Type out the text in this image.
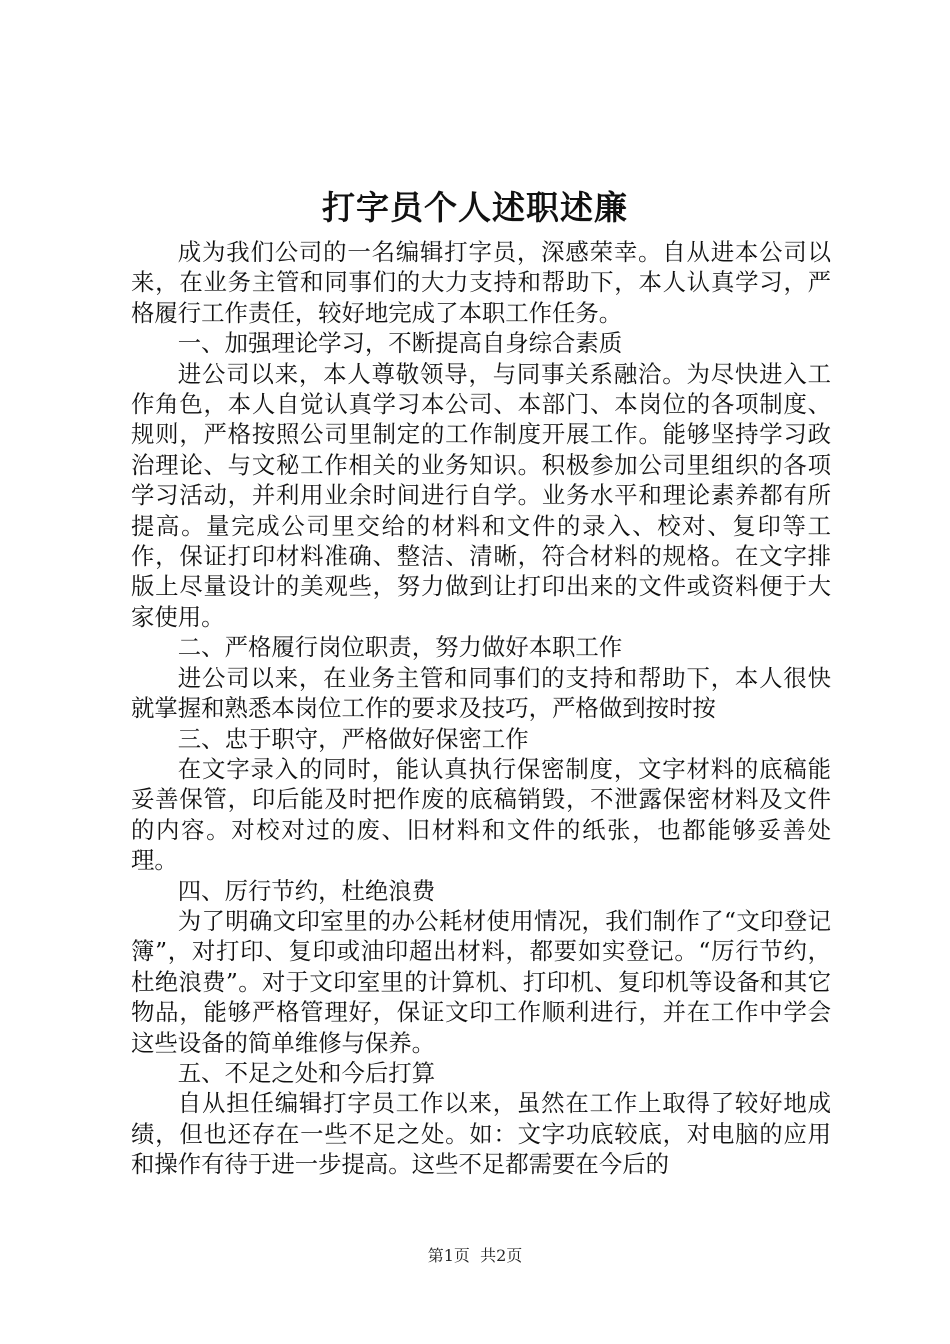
打字员个人述职述廉

成为我们公司的一名编辑打字员，深感荣幸。自从进本公司以来，在业务主管和同事们的大力支持和帮助下，本人认真学习，严格履行工作责任，较好地完成了本职工作任务。

一、加强理论学习，不断提高自身综合素质

进公司以来，本人尊敬领导，与同事关系融洽。为尽快进入工作角色，本人自觉认真学习本公司、本部门、本岗位的各项制度、规则，严格按照公司里制定的工作制度开展工作。能够坚持学习政治理论、与文秘工作相关的业务知识。积极参加公司里组织的各项学习活动，并利用业余时间进行自学。业务水平和理论素养都有所提高。量完成公司里交给的材料和文件的录入、校对、复印等工作，保证打印材料准确、整洁、清晰，符合材料的规格。在文字排版上尽量设计的美观些，努力做到让打印出来的文件或资料便于大家使用。

二、严格履行岗位职责，努力做好本职工作

进公司以来，在业务主管和同事们的支持和帮助下，本人很快就掌握和熟悉本岗位工作的要求及技巧，严格做到按时按

三、忠于职守，严格做好保密工作

在文字录入的同时，能认真执行保密制度，文字材料的底稿能妥善保管，印后能及时把作废的底稿销毁，不泄露保密材料及文件的内容。对校对过的废、旧材料和文件的纸张，也都能够妥善处理。

四、厉行节约，杜绝浪费

为了明确文印室里的办公耗材使用情况，我们制作了“文印登记簿”，对打印、复印或油印超出材料，都要如实登记。“厉行节约，杜绝浪费”。对于文印室里的计算机、打印机、复印机等设备和其它物品，能够严格管理好，保证文印工作顺利进行，并在工作中学会这些设备的简单维修与保养。

五、不足之处和今后打算

自从担任编辑打字员工作以来，虽然在工作上取得了较好地成绩，但也还存在一些不足之处。如：文字功底较底，对电脑的应用和操作有待于进一步提高。这些不足都需要在今后的

第1页  共2页
